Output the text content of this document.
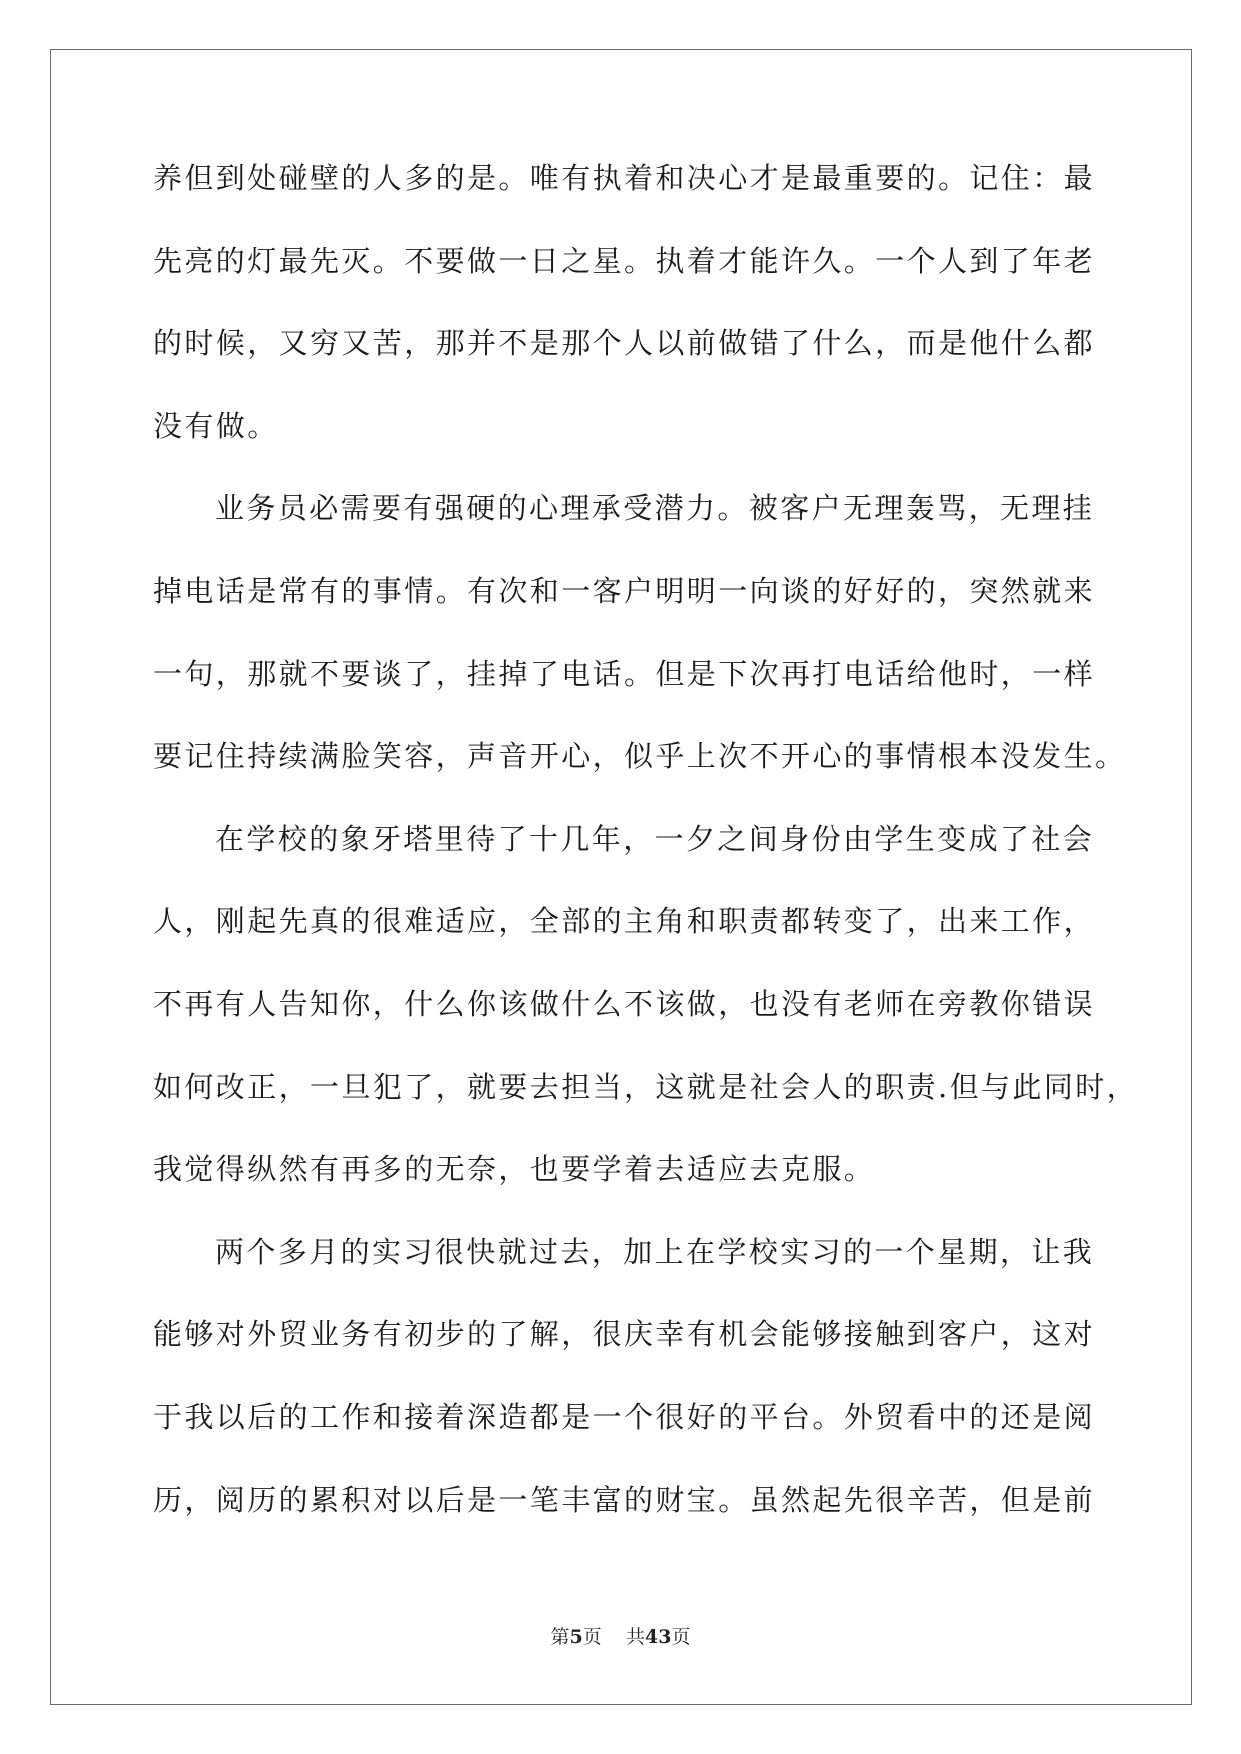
养但到处碰壁的人多的是。唯有执着和决心才是最重要的。记住：最
先亮的灯最先灭。不要做一日之星。执着才能许久。一个人到了年老
的时候，又穷又苦，那并不是那个人以前做错了什么，而是他什么都
没有做。
业务员必需要有强硬的心理承受潜力。被客户无理轰骂，无理挂
掉电话是常有的事情。有次和一客户明明一向谈的好好的，突然就来
一句，那就不要谈了，挂掉了电话。但是下次再打电话给他时，一样
要记住持续满脸笑容，声音开心，似乎上次不开心的事情根本没发生。
在学校的象牙塔里待了十几年，一夕之间身份由学生变成了社会
人，刚起先真的很难适应，全部的主角和职责都转变了，出来工作，
不再有人告知你，什么你该做什么不该做，也没有老师在旁教你错误
如何改正，一旦犯了，就要去担当，这就是社会人的职责.但与此同时，
我觉得纵然有再多的无奈，也要学着去适应去克服。
两个多月的实习很快就过去，加上在学校实习的一个星期，让我
能够对外贸业务有初步的了解，很庆幸有机会能够接触到客户，这对
于我以后的工作和接着深造都是一个很好的平台。外贸看中的还是阅
历，阅历的累积对以后是一笔丰富的财宝。虽然起先很辛苦，但是前
第5页 共43页
